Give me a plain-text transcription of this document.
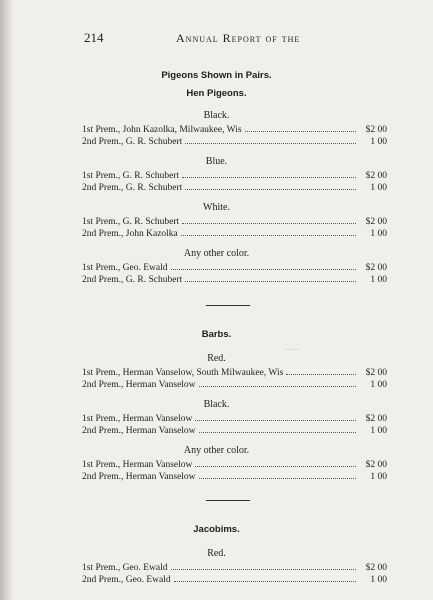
214	Annual Report of the
Pigeons Shown in Pairs.
Hen Pigeons.
Black.
1st Prem., John Kazolka, Milwaukee, Wis	$2 00
2nd Prem., G. R. Schubert	1 00
Blue.
1st Prem., G. R. Schubert	$2 00
2nd Prem., G. R. Schubert	1 00
White.
1st Prem., G. R. Schubert	$2 00
2nd Prem., John Kazolka	1 00
Any other color.
1st Prem., Geo. Ewald	$2 00
2nd Prem., G. R. Schubert	1 00
Barbs.
⋯⋯
Red.
1st Prem., Herman Vanselow, South Milwaukee, Wis	$2 00
2nd Prem., Herman Vanselow	1 00
Black.
1st Prem., Herman Vanselow	$2 00
2nd Prem., Herman Vanselow	1 00
Any other color.
1st Prem., Herman Vanselow	$2 00
2nd Prem., Herman Vanselow	1 00
Jacobims.
Red.
1st Prem., Geo. Ewald	$2 00
2nd Prem., Geo. Ewald	1 00
